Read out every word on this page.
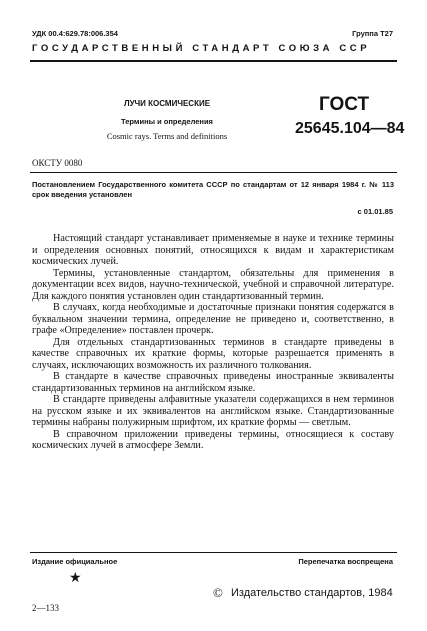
УДК 00.4:629.78:006.354	Группа Т27
ГОСУДАРСТВЕННЫЙ СТАНДАРТ СОЮЗА ССР
ЛУЧИ КОСМИЧЕСКИЕ
Термины и определения
Cosmic rays. Terms and definitions
ГОСТ
25645.104—84
ОКСТУ 0080
Постановлением Государственного комитета СССР по стандартам от 12 января 1984 г. № 113 срок введения установлен
с 01.01.85

Настоящий стандарт устанавливает применяемые в науке и технике термины и определения основных понятий, относящихся к видам и характеристикам космических лучей.

Термины, установленные стандартом, обязательны для применения в документации всех видов, научно-технической, учебной и справочной литературе. Для каждого понятия установлен один стандартизованный термин.

В случаях, когда необходимые и достаточные признаки понятия содержатся в буквальном значении термина, определение не приведено и, соответственно, в графе «Определение» поставлен прочерк.

Для отдельных стандартизованных терминов в стандарте приведены в качестве справочных их краткие формы, которые разрешается применять в случаях, исключающих возможность их различного толкования.

В стандарте в качестве справочных приведены иностранные эквиваленты стандартизованных терминов на английском языке.

В стандарте приведены алфавитные указатели содержащихся в нем терминов на русском языке и их эквивалентов на английском языке. Стандартизованные термины набраны полужирным шрифтом, их краткие формы — светлым.

В справочном приложении приведены термины, относящиеся к составу космических лучей в атмосфере Земли.

Издание официальное	Перепечатка воспрещена
★
© Издательство стандартов, 1984
2—133
